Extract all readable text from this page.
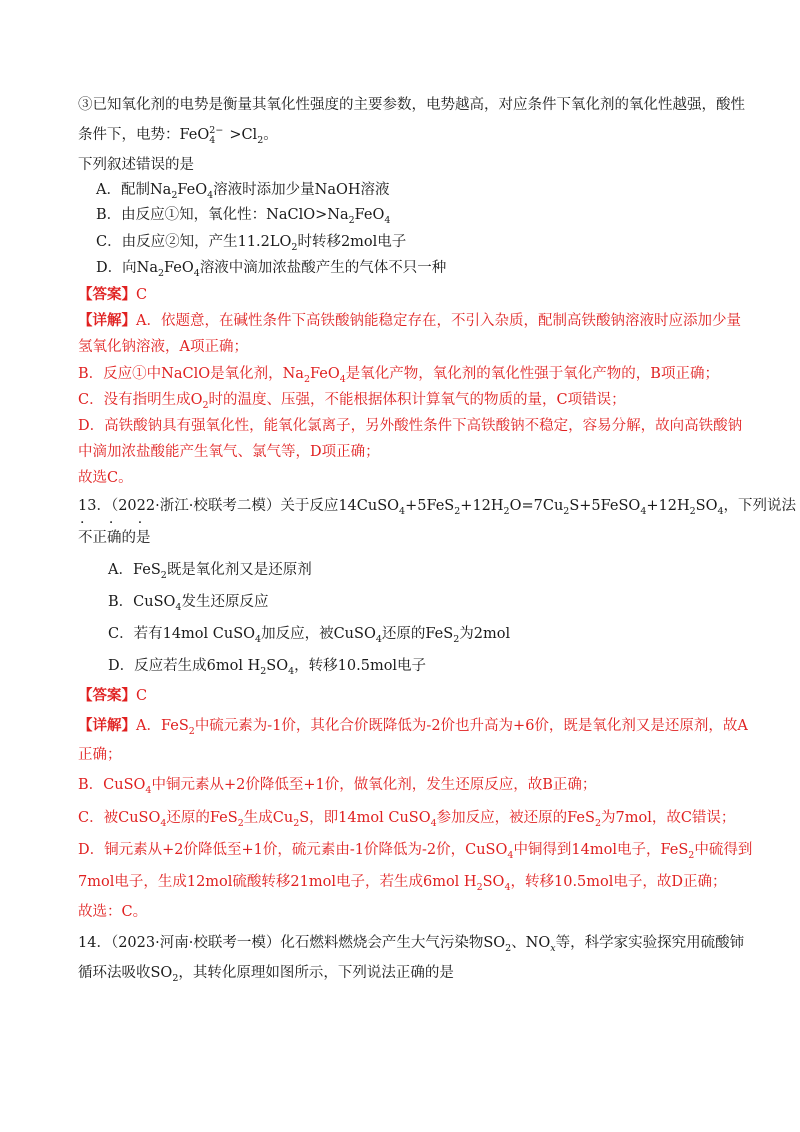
③已知氧化剂的电势是衡量其氧化性强度的主要参数，电势越高，对应条件下氧化剂的氧化性越强，酸性
条件下，电势：$FeO_4^{2-} >Cl_2$。
下列叙述错误的是
A．配制$Na_2FeO_4$溶液时添加少量NaOH溶液
B．由反应①知，氧化性：$NaClO>Na_2FeO_4$
C．由反应②知，产生$11.2LO_2$时转移2mol电子
D．向$Na_2FeO_4$溶液中滴加浓盐酸产生的气体不只一种
【答案】C
【详解】A．依题意，在碱性条件下高铁酸钠能稳定存在，不引入杂质，配制高铁酸钠溶液时应添加少量
氢氧化钠溶液，A项正确；
B．反应①中NaClO是氧化剂，$Na_2FeO_4$是氧化产物，氧化剂的氧化性强于氧化产物的，B项正确；
C．没有指明生成$O_2$时的温度、压强，不能根据体积计算氧气的物质的量，C项错误；
D．高铁酸钠具有强氧化性，能氧化氯离子，另外酸性条件下高铁酸钠不稳定，容易分解，故向高铁酸钠
中滴加浓盐酸能产生氧气、氯气等，D项正确；
故选C。
13．（2022·浙江·校联考二模）关于反应$14CuSO_4+5FeS_2+12H_2O=7Cu_2S+5FeSO_4+12H_2SO_4$，下列说法
不正确的是
A．FeS$_2$既是氧化剂又是还原剂
B．CuSO$_4$发生还原反应
C．若有14mol CuSO$_4$加反应，被CuSO$_4$还原的FeS$_2$为2mol
D．反应若生成6mol $H_2SO_4$，转移10.5mol电子
【答案】C
【详解】A．FeS$_2$中硫元素为-1价，其化合价既降低为-2价也升高为+6价，既是氧化剂又是还原剂，故A
正确；
B．CuSO$_4$中铜元素从+2价降低至+1价，做氧化剂，发生还原反应，故B正确；
C．被CuSO$_4$还原的FeS$_2$生成$Cu_2S$，即14mol CuSO$_4$参加反应，被还原的FeS$_2$为7mol，故C错误；
D．铜元素从+2价降低至+1价，硫元素由-1价降低为-2价，CuSO$_4$中铜得到14mol电子，FeS$_2$中硫得到
7mol电子，生成12mol硫酸转移21mol电子，若生成6mol $H_2SO_4$，转移10.5mol电子，故D正确；
故选：C。
14．（2023·河南·校联考一模）化石燃料燃烧会产生大气污染物$SO_2$、$NO_x$等，科学家实验探究用硫酸铈
循环法吸收$SO_2$，其转化原理如图所示，下列说法正确的是
· · ·
